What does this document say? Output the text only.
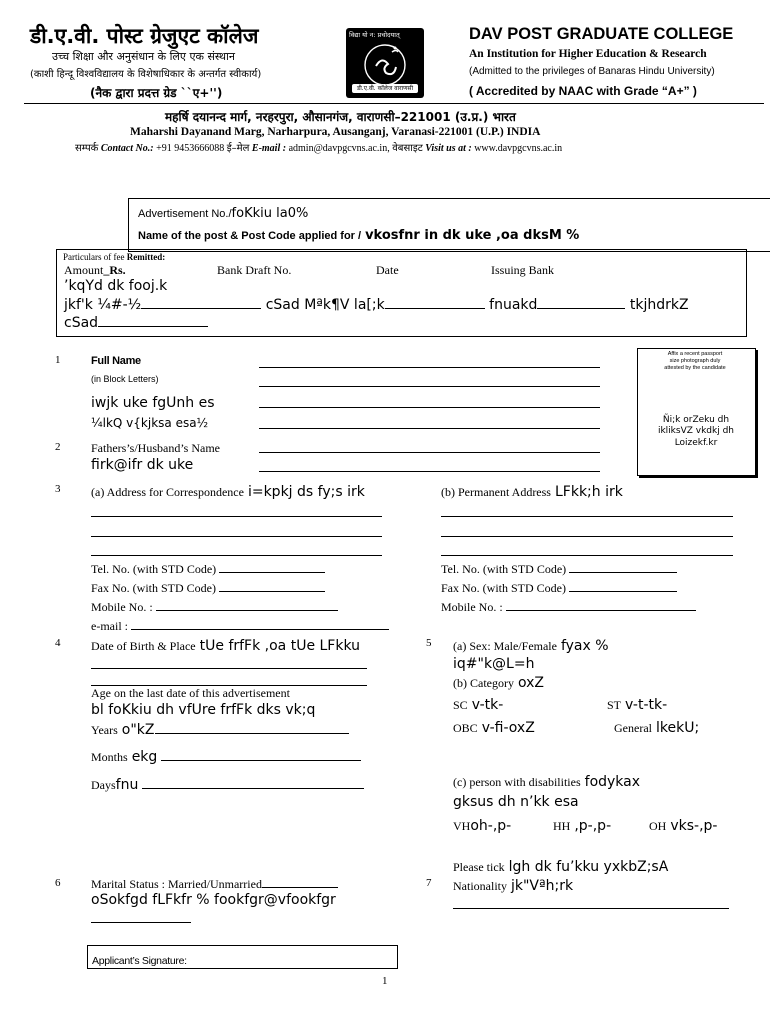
डी.ए.वी. पोस्ट ग्रेजुएट कॉलेज
उच्च शिक्षा और अनुसंधान के लिए एक संस्थान
(काशी हिन्दू विश्वविद्यालय के विशेषाधिकार के अन्तर्गत स्वीकार्य)
(नैक द्वारा प्रदत्त ग्रेड ``ए+'')
विद्या यो न: प्रचोदयात्
डी.ए.वी. कॉलेज वाराणसी
DAV POST GRADUATE COLLEGE
An Institution for Higher Education & Research
(Admitted to the privileges of Banaras Hindu University)
( Accredited by NAAC with Grade “A+” )
महर्षि दयानन्द मार्ग, नरहरपुरा, औसानगंज, वाराणसी–221001 (उ.प्र.) भारत
Maharshi Dayanand Marg, Narharpura, Ausanganj, Varanasi-221001 (U.P.) INDIA
सम्पर्क Contact No.: +91 9453666088 ई–मेल E-mail : admin@davpgcvns.ac.in, वेबसाइट Visit us at : www.davpgcvns.ac.in
Advertisement No./foKkiu la0%
Name of the post & Post Code applied for / vkosfnr in dk uke ,oa dksM %
Particulars of fee Remitted:
Amount_Rs.	Bank Draft No.	Date	Issuing Bank
’kqYd dk fooj.k
jkf'k ¼#-½	cSad Mªk¶V la[;k	fnuakd	tkjhdrkZ
cSad
Affix a recent passport size photograph duly attested by the candidate
Ñi;k orZeku dh ikliksVZ vkdkj dh Loizekf.kr
1	Full Name
(in Block Letters)
iwjk uke fgUnh es
¼lkQ v{kjksa esa½
2	Fathers’s/Husband’s Name
firk@ifr dk uke
3	(a) Address for Correspondence i=kpkj ds fy;s irk	(b) Permanent Address LFkk;h irk
Tel. No. (with STD Code)
Fax No. (with STD Code)
Mobile No. :
e-mail :
Tel. No. (with STD Code)
Fax No. (with STD Code)
Mobile No. :
4	Date of Birth & Place tUe frfFk ,oa tUe LFkku
Age on the last date of this advertisement
bl foKkiu dh vfUre frfFk dks vk;q
Years o"kZ
Months ekg
Daysfnu
5 (a) Sex: Male/Female fyax %
iq#"k@L=h
(b) Category oxZ
SC v-tk-	ST v-t-tk-
OBC v-fi-oxZ	General lkekU;
(c) person with disabilities fodykax
gksus dh n’kk esa
VHoh-,p-	HH ,p-,p-	OH vks-,p-
Please tick lgh dk fu’kku yxkbZ;sA
6	Marital Status : Married/Unmarried
oSokfgd fLFkfr % fookfgr@vfookfgr
7 Nationality jk"Vªh;rk
Applicant’s Signature:
1
